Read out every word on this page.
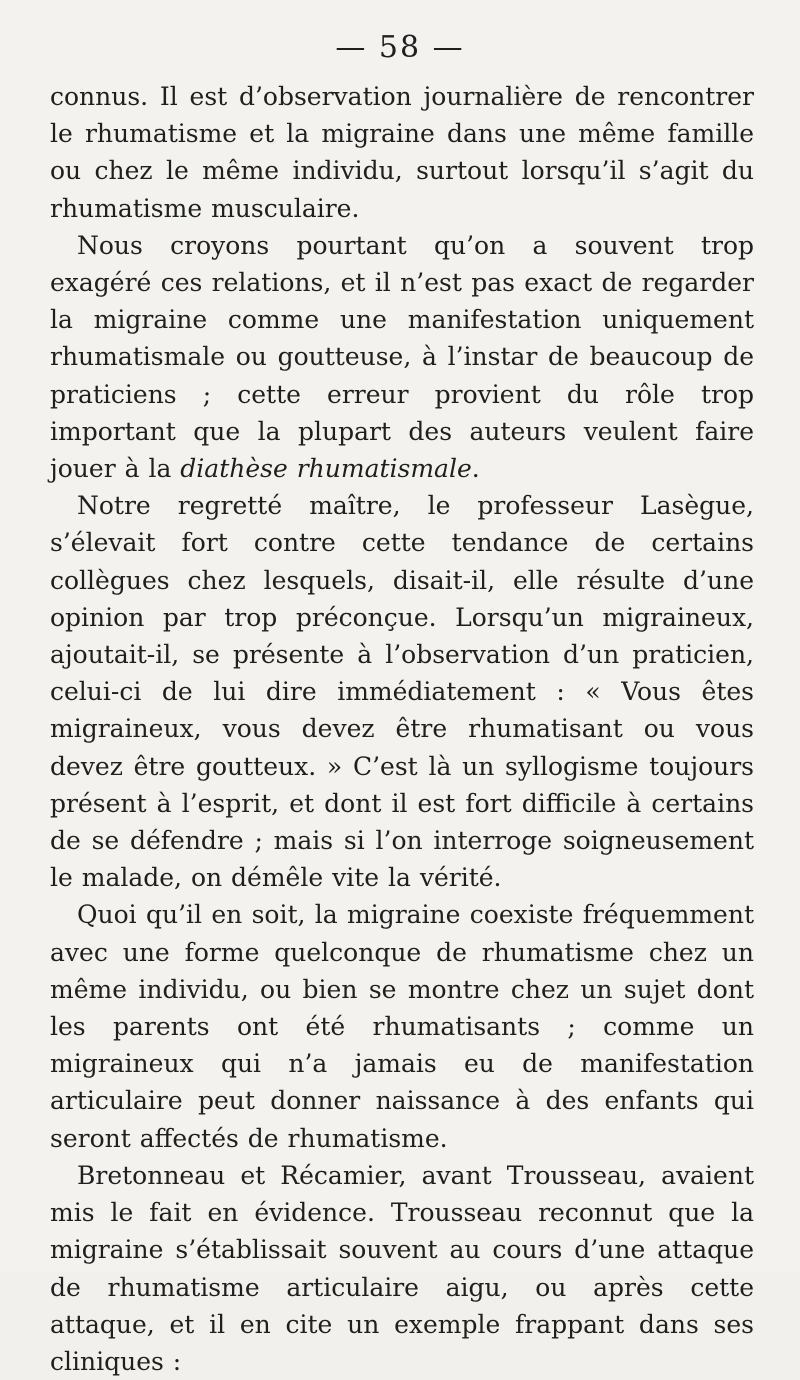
— 58 —

connus. Il est d’observation journalière de rencontrer le rhumatisme et la migraine dans une même famille ou chez le même individu, surtout lorsqu’il s’agit du rhumatisme musculaire.

Nous croyons pourtant qu’on a souvent trop exagéré ces relations, et il n’est pas exact de regarder la migraine comme une manifestation uniquement rhumatismale ou goutteuse, à l’instar de beaucoup de praticiens ; cette erreur provient du rôle trop important que la plupart des auteurs veulent faire jouer à la diathèse rhumatismale.

Notre regretté maître, le professeur Lasègue, s’élevait fort contre cette tendance de certains collègues chez lesquels, disait-il, elle résulte d’une opinion par trop préconçue. Lorsqu’un migraineux, ajoutait-il, se présente à l’observation d’un praticien, celui-ci de lui dire immédiatement : « Vous êtes migraineux, vous devez être rhumatisant ou vous devez être goutteux. » C’est là un syllogisme toujours présent à l’esprit, et dont il est fort difficile à certains de se défendre ; mais si l’on interroge soigneusement le malade, on démêle vite la vérité.

Quoi qu’il en soit, la migraine coexiste fréquemment avec une forme quelconque de rhumatisme chez un même individu, ou bien se montre chez un sujet dont les parents ont été rhumatisants ; comme un migraineux qui n’a jamais eu de manifestation articulaire peut donner naissance à des enfants qui seront affectés de rhumatisme.

Bretonneau et Récamier, avant Trousseau, avaient mis le fait en évidence. Trousseau reconnut que la migraine s’établissait souvent au cours d’une attaque de rhumatisme articulaire aigu, ou après cette attaque, et il en cite un exemple frappant dans ses cliniques :
